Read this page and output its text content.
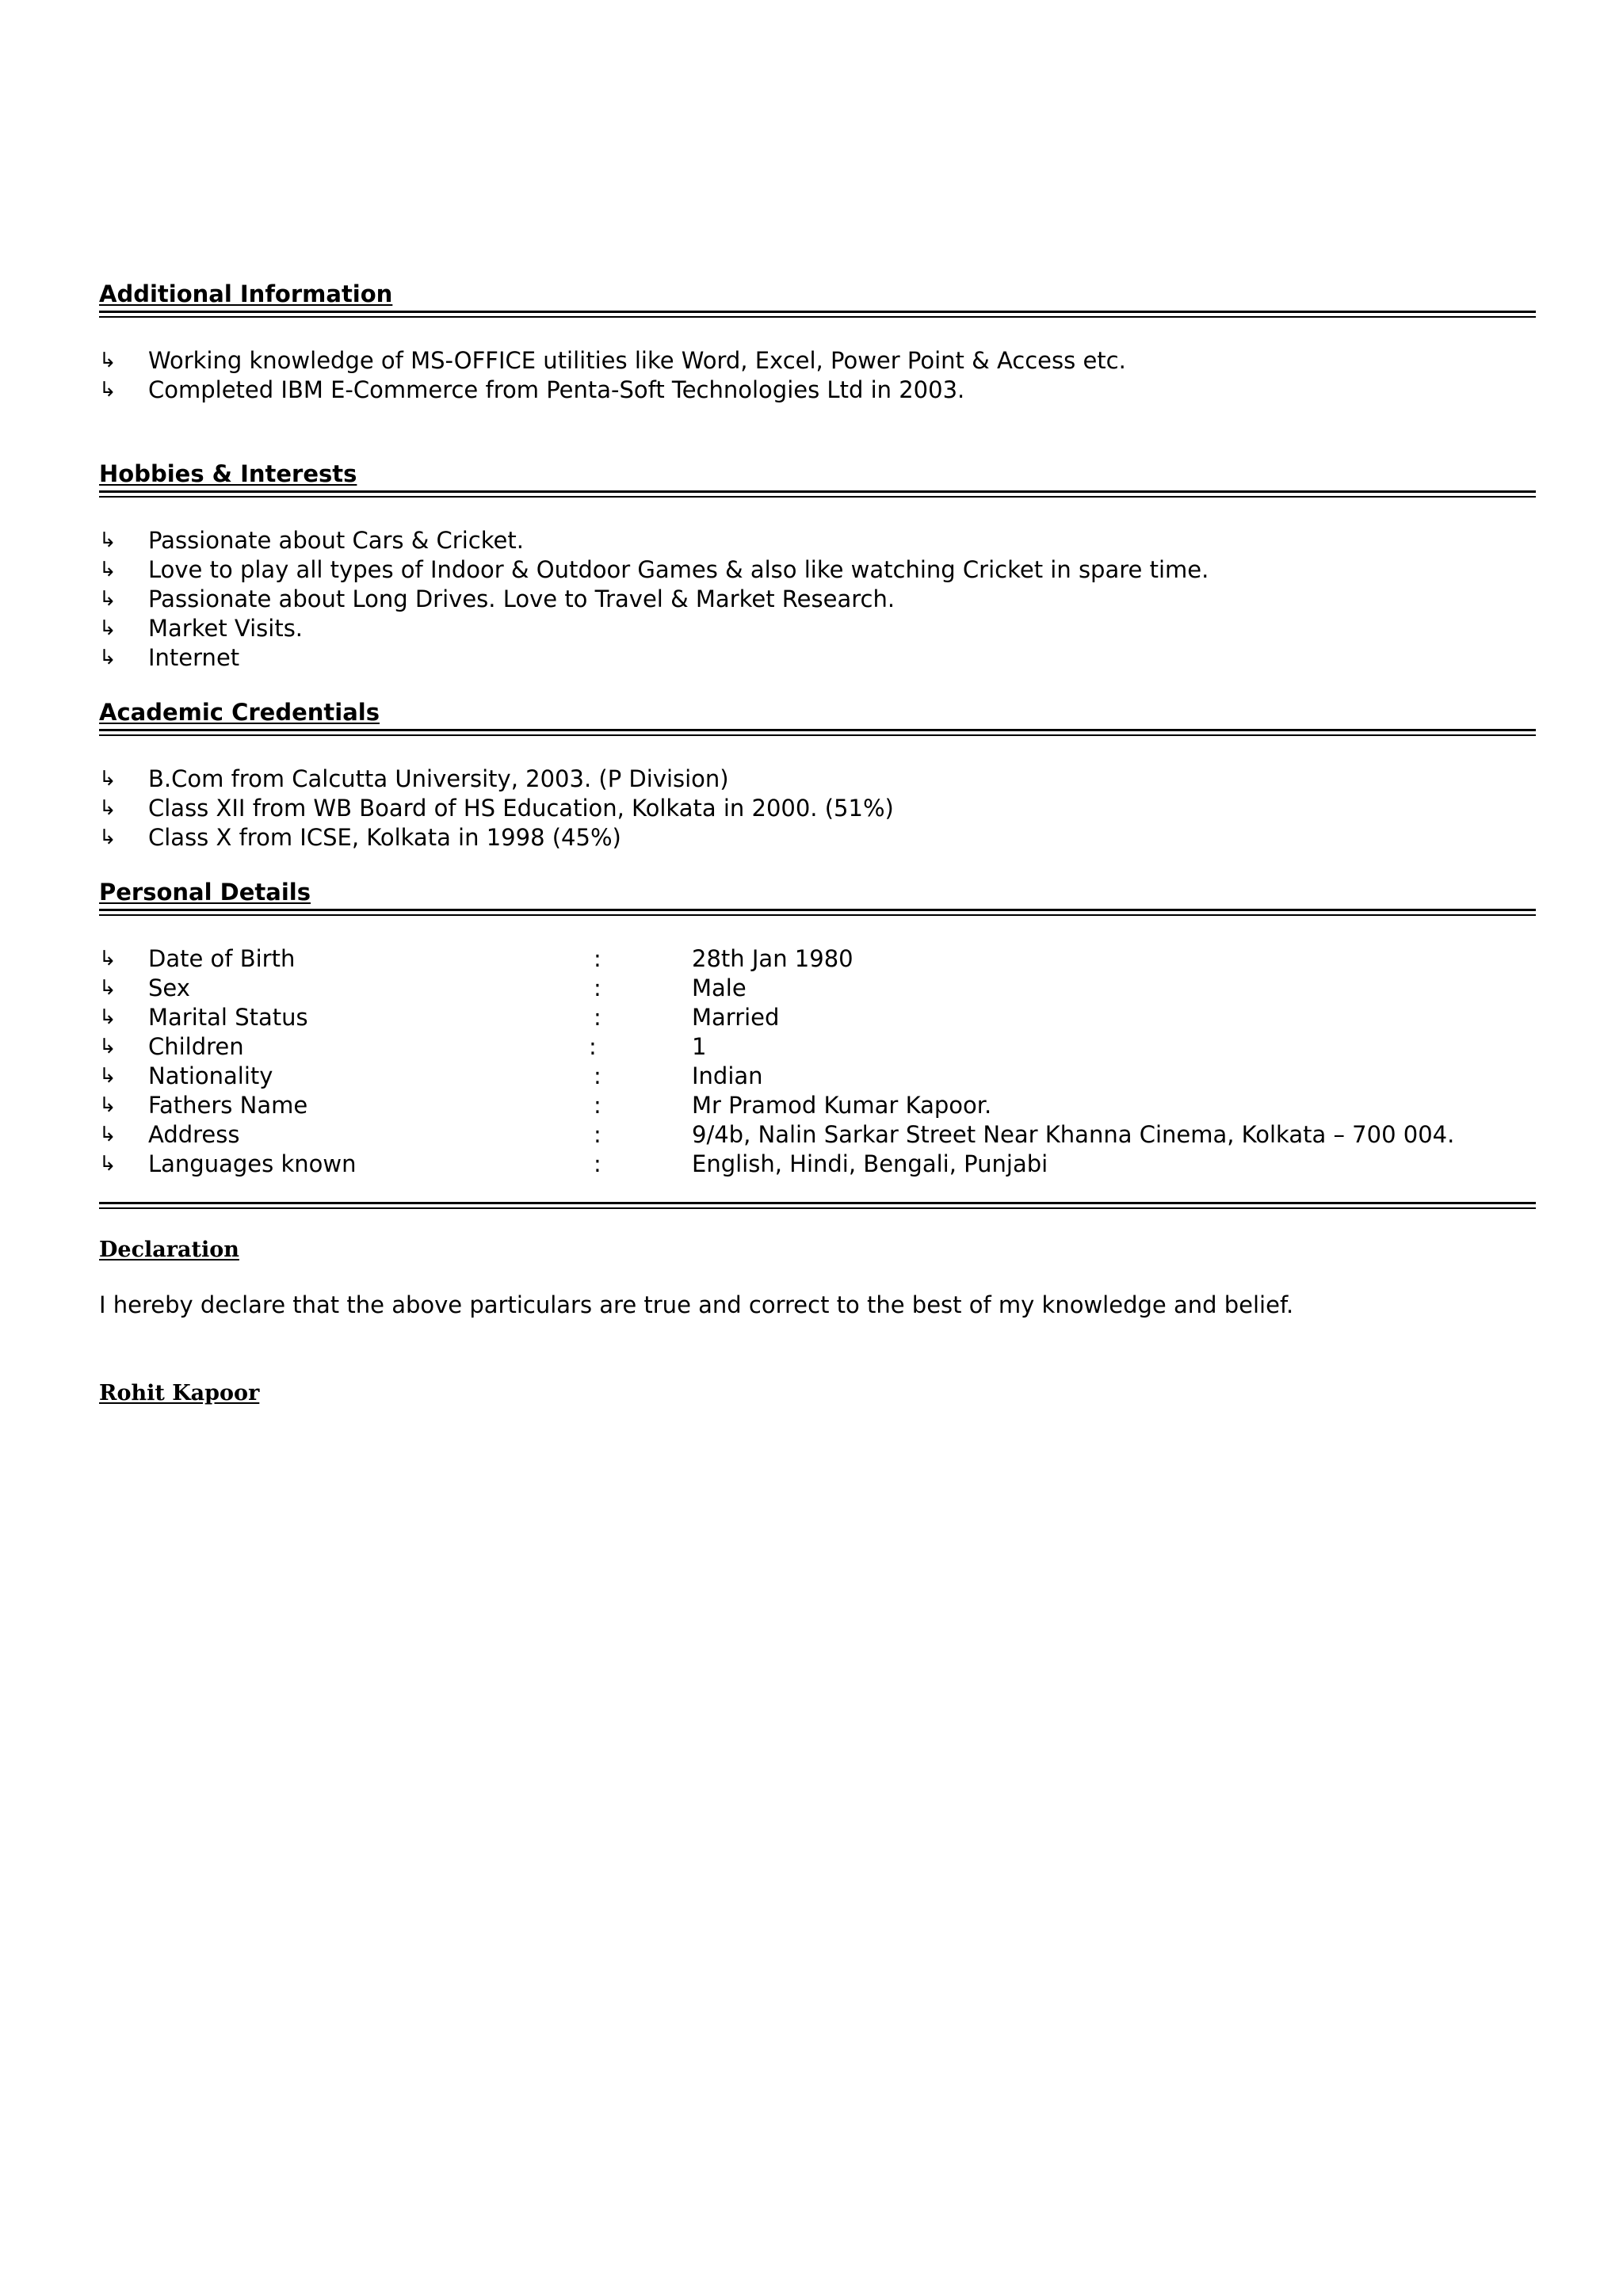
Additional Information
↳	Working knowledge of MS-OFFICE utilities like Word, Excel, Power Point & Access etc.
↳	Completed IBM E-Commerce from Penta-Soft Technologies Ltd in 2003.
Hobbies & Interests
↳	Passionate about Cars & Cricket.
↳	Love to play all types of Indoor & Outdoor Games & also like watching Cricket in spare time.
↳	Passionate about Long Drives. Love to Travel & Market Research.
↳	Market Visits.
↳	Internet
Academic Credentials
↳	B.Com from Calcutta University, 2003. (P Division)
↳	Class XII from WB Board of HS Education, Kolkata in 2000. (51%)
↳	Class X from ICSE, Kolkata in 1998 (45%)
Personal Details
↳	Date of Birth	:	28th Jan 1980
↳	Sex	:	Male
↳	Marital Status	:	Married
↳	Children	:	1
↳	Nationality	:	Indian
↳	Fathers Name	:	Mr Pramod Kumar Kapoor.
↳	Address	:	9/4b, Nalin Sarkar Street Near Khanna Cinema, Kolkata – 700 004.
↳	Languages known	:	English, Hindi, Bengali, Punjabi
Declaration
I hereby declare that the above particulars are true and correct to the best of my knowledge and belief.
Rohit Kapoor
